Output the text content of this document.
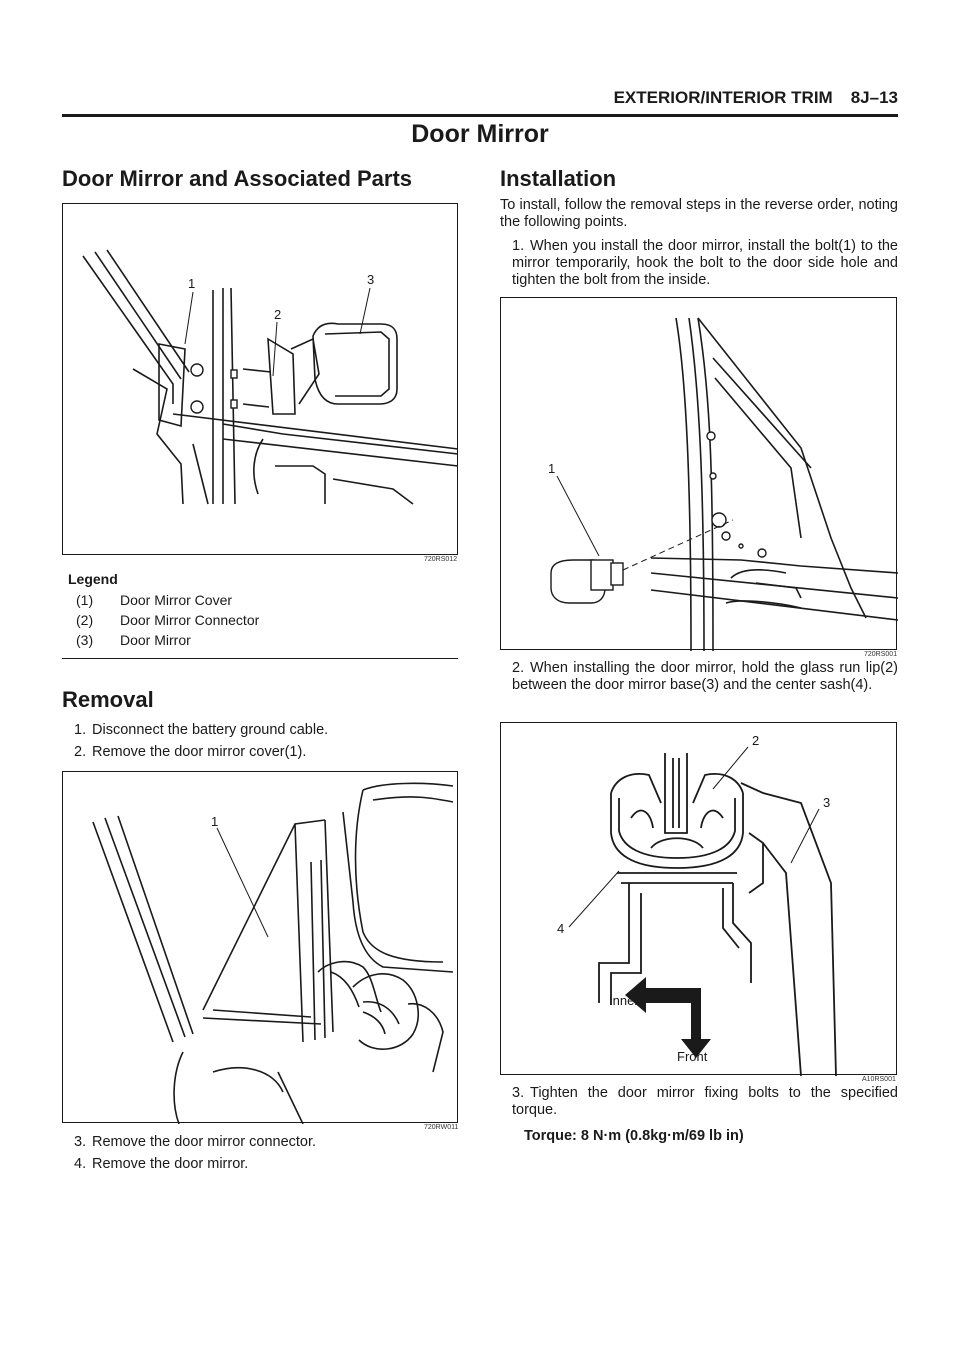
EXTERIOR/INTERIOR TRIM 8J–13
Door Mirror
Door Mirror and Associated Parts
1
2
3
720RS012
Legend
(1) Door Mirror Cover
(2) Door Mirror Connector
(3) Door Mirror
Removal
1. Disconnect the battery ground cable.
2. Remove the door mirror cover(1).
1
720RW011
3. Remove the door mirror connector.
4. Remove the door mirror.
Installation
To install, follow the removal steps in the reverse order, noting the following points.
1. When you install the door mirror, install the bolt(1) to the mirror temporarily, hook the bolt to the door side hole and tighten the bolt from the inside.
1
720RS001
2. When installing the door mirror, hold the glass run lip(2) between the door mirror base(3) and the center sash(4).
2
3
4
Inner
Front
A10RS001
3. Tighten the door mirror fixing bolts to the specified torque.
Torque: 8 N·m (0.8kg·m/69 lb in)
